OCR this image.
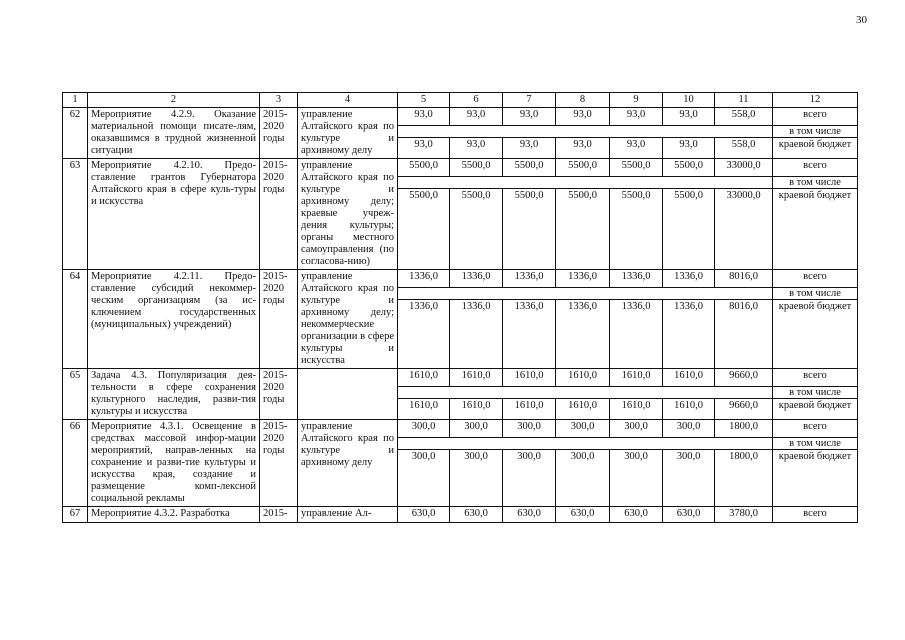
30
1	2	3	4	5	6	7	8	9	10	11	12
62	Мероприятие 4.2.9. Оказание материальной помощи писате-лям, оказавшимся в трудной жизненной ситуации	2015-2020 годы	управление Алтайского края по культуре и архивному делу	93,0	93,0	93,0	93,0	93,0	93,0	558,0	всего
											в том числе
				93,0	93,0	93,0	93,0	93,0	93,0	558,0	краевой бюджет
63	Мероприятие 4.2.10. Предо-ставление грантов Губернатора Алтайского края в сфере куль-туры и искусства	2015-2020 годы	управление Алтайского края по культуре и архивному делу; краевые учреж-дения культуры; органы местного самоуправления (по согласова-нию)	5500,0	5500,0	5500,0	5500,0	5500,0	5500,0	33000,0	всего
											в том числе
				5500,0	5500,0	5500,0	5500,0	5500,0	5500,0	33000,0	краевой бюджет
64	Мероприятие 4.2.11. Предо-ставление субсидий некоммер-ческим организациям (за ис-ключением государственных (муниципальных) учреждений)	2015-2020 годы	управление Алтайского края по культуре и архивному делу; некоммерческие организации в сфере культуры и искусства	1336,0	1336,0	1336,0	1336,0	1336,0	1336,0	8016,0	всего
											в том числе
				1336,0	1336,0	1336,0	1336,0	1336,0	1336,0	8016,0	краевой бюджет
65	Задача 4.3. Популяризация дея-тельности в сфере сохранения культурного наследия, разви-тия культуры и искусства	2015-2020 годы		1610,0	1610,0	1610,0	1610,0	1610,0	1610,0	9660,0	всего
											в том числе
				1610,0	1610,0	1610,0	1610,0	1610,0	1610,0	9660,0	краевой бюджет
66	Мероприятие 4.3.1. Освещение в средствах массовой инфор-мации мероприятий, направ-ленных на сохранение и разви-тие культуры и искусства края, создание и размещение комп-лексной социальной рекламы	2015-2020 годы	управление Алтайского края по культуре и архивному делу	300,0	300,0	300,0	300,0	300,0	300,0	1800,0	всего
											в том числе
				300,0	300,0	300,0	300,0	300,0	300,0	1800,0	краевой бюджет
67	Мероприятие 4.3.2. Разработка	2015-	управление Ал-	630,0	630,0	630,0	630,0	630,0	630,0	3780,0	всего
